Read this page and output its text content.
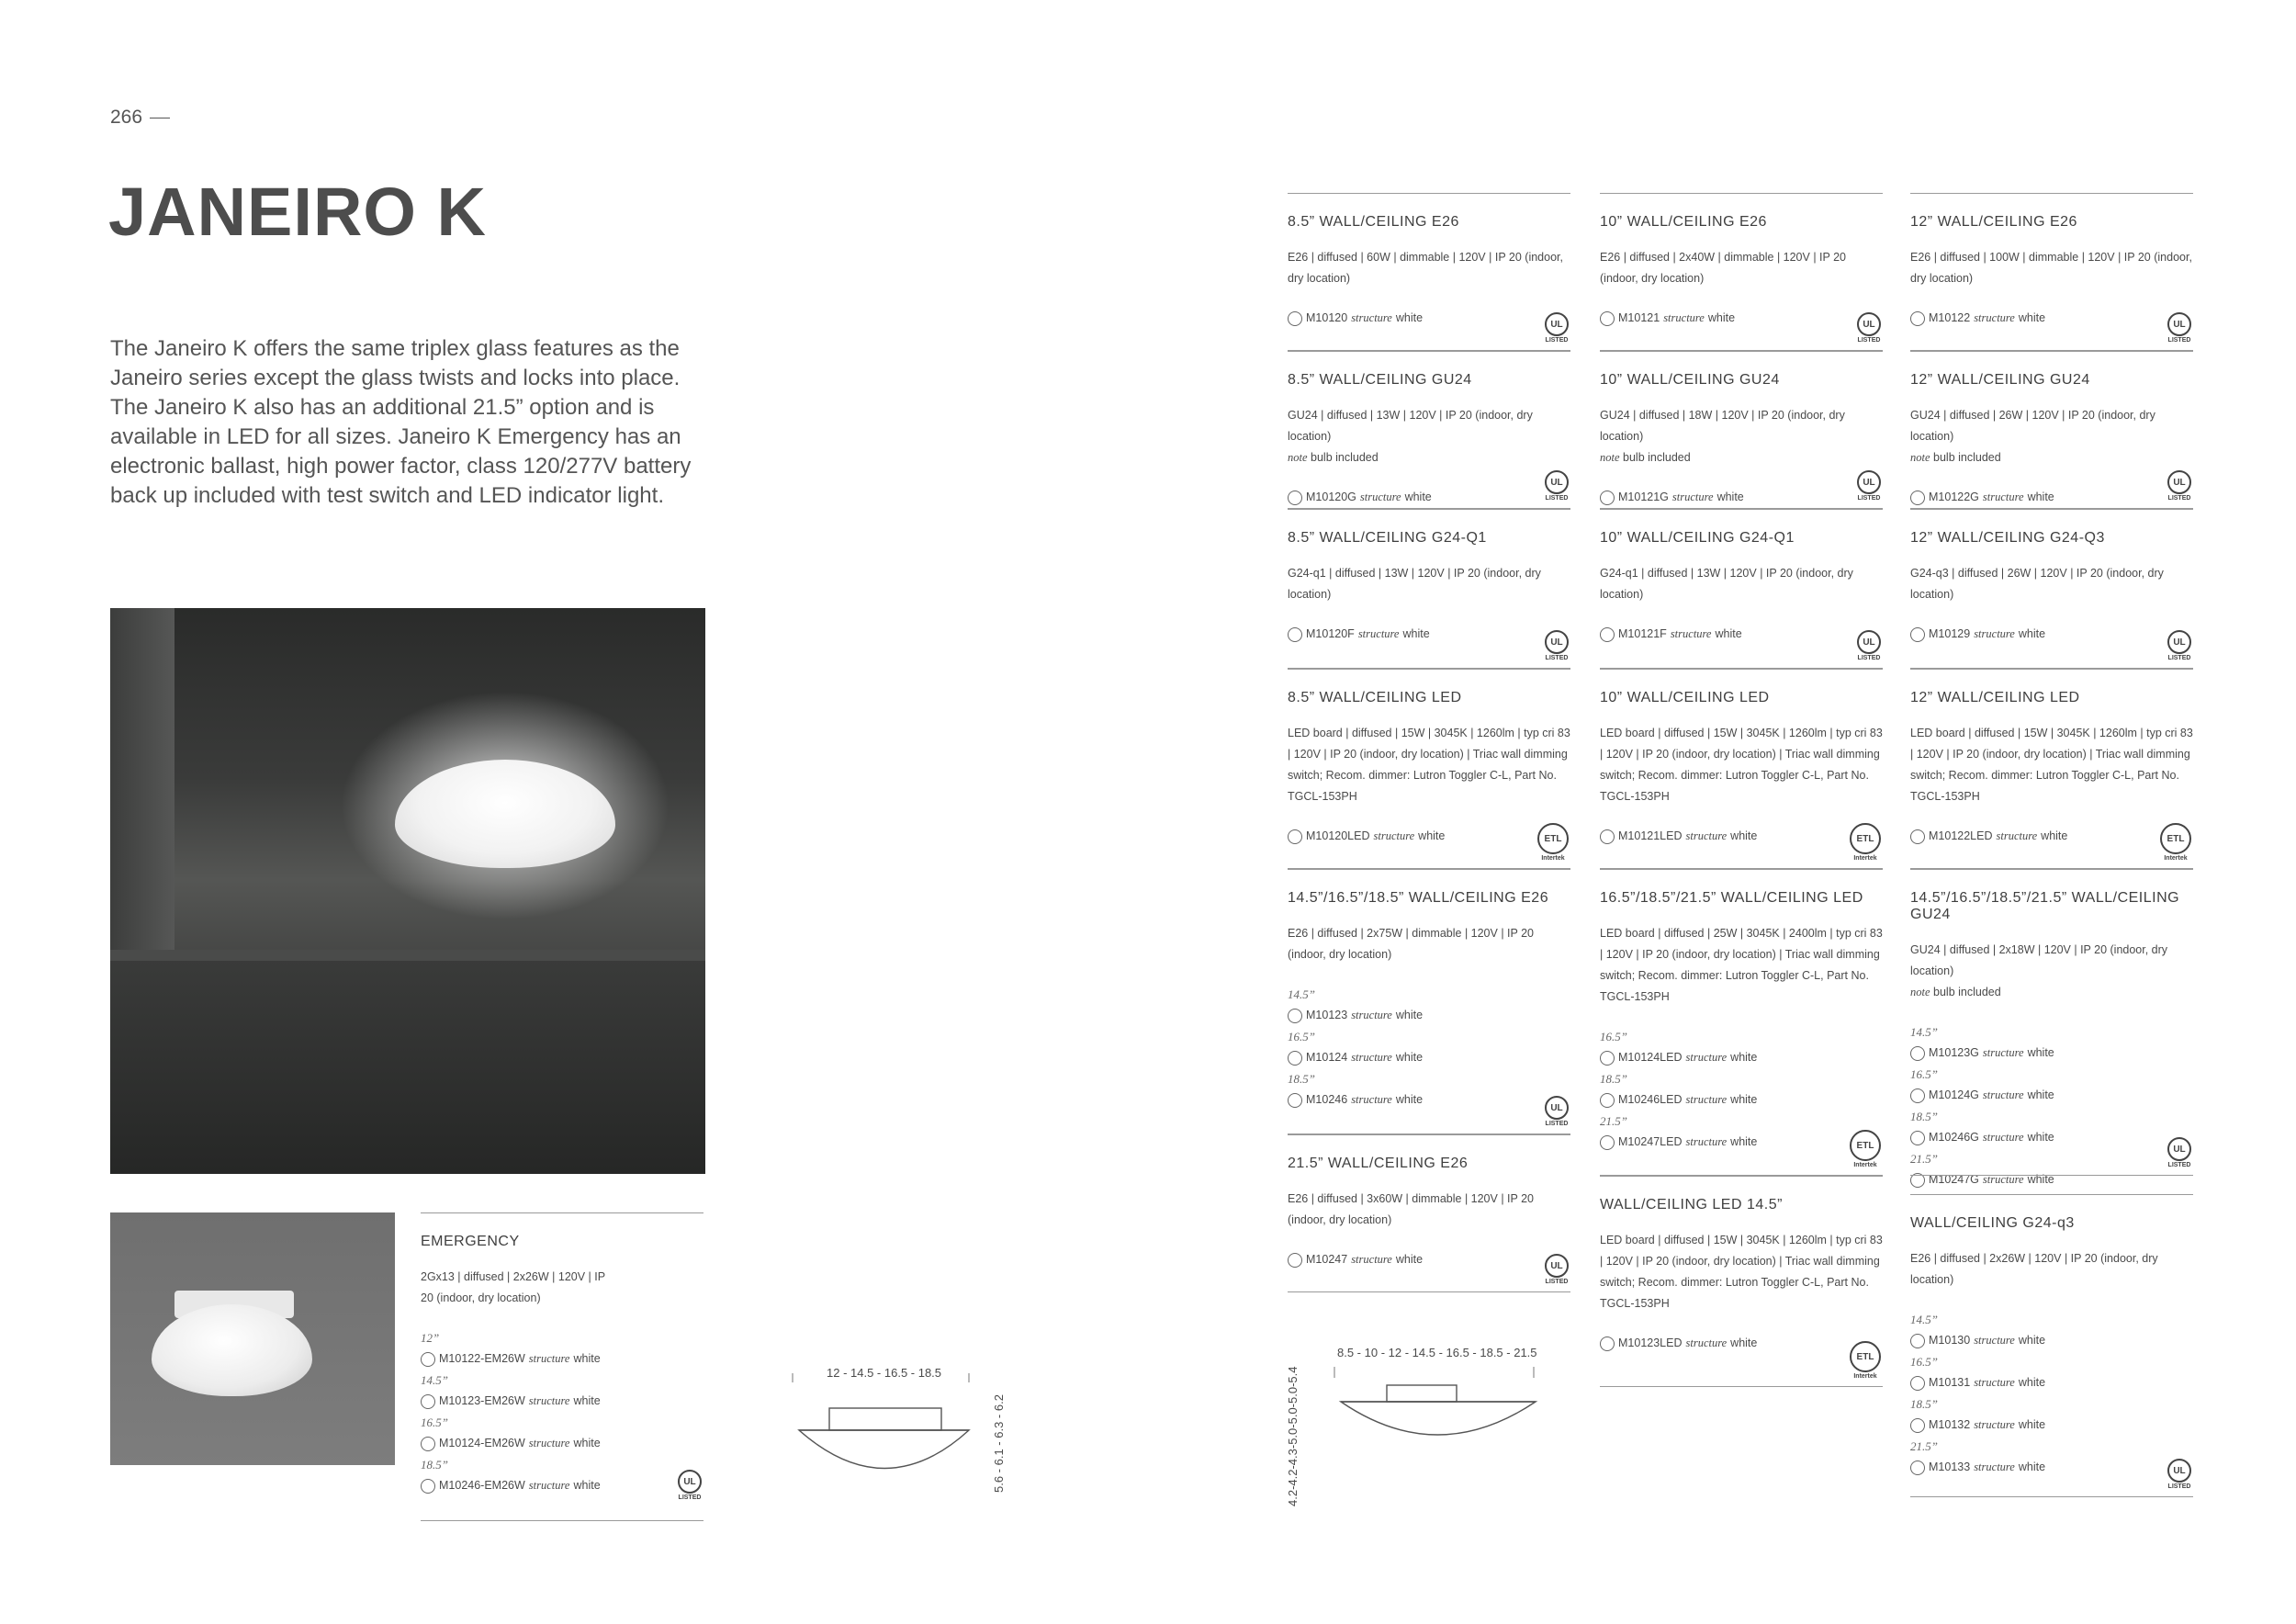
266
JANEIRO K

The Janeiro K offers the same triplex glass features as the Janeiro series except the glass twists and locks into place.

The Janeiro K also has an additional 21.5” option and is available in LED for all sizes. Janeiro K Emergency has an electronic ballast, high power factor, class 120/277V battery back up included with test switch and LED indicator light.

EMERGENCY
2Gx13 | diffused | 2x26W | 120V | IP 20 (indoor, dry location)
12”
M10122-EM26W structure white
14.5”
M10123-EM26W structure white
16.5”
M10124-EM26W structure white
18.5”
M10246-EM26W structure white	UL
LISTED
12 - 14.5 - 16.5 - 18.5
5.6 - 6.1 - 6.3 - 6.2
8.5 - 10 - 12 - 14.5 - 16.5 - 18.5 - 21.5
4.2-4.2-4.3-5.0-5.0-5.0-5.4
8.5” WALL/CEILING E26
E26 | diffused | 60W | dimmable | 120V | IP 20 (indoor, dry location)
M10120 structure white	UL
LISTED
8.5” WALL/CEILING GU24
GU24 | diffused | 13W | 120V | IP 20 (indoor, dry location)
note bulb included
M10120G structure white
UL
LISTED
8.5” WALL/CEILING G24-Q1
G24-q1 | diffused | 13W | 120V | IP 20 (indoor, dry location)
M10120F structure white
UL
LISTED
8.5” WALL/CEILING LED
LED board | diffused | 15W | 3045K | 1260lm | typ cri 83 | 120V | IP 20 (indoor, dry location) | Triac wall dimming switch; Recom. dimmer: Lutron Toggler C-L, Part No. TGCL-153PH
M10120LED structure white	ETL
Intertek
14.5”/16.5”/18.5” WALL/CEILING E26
E26 | diffused | 2x75W | dimmable | 120V | IP 20 (indoor, dry location)
14.5”
M10123 structure white
16.5”
M10124 structure white
18.5”
M10246 structure white
UL
LISTED
21.5” WALL/CEILING E26
E26 | diffused | 3x60W | dimmable | 120V | IP 20 (indoor, dry location)
M10247 structure white	UL
LISTED
10” WALL/CEILING E26
E26 | diffused | 2x40W | dimmable | 120V | IP 20 (indoor, dry location)
M10121 structure white	UL
LISTED
10” WALL/CEILING GU24
GU24 | diffused | 18W | 120V | IP 20 (indoor, dry location)
note bulb included
M10121G structure white
UL
LISTED
10” WALL/CEILING G24-Q1
G24-q1 | diffused | 13W | 120V | IP 20 (indoor, dry location)
M10121F structure white
UL
LISTED
10” WALL/CEILING LED
LED board | diffused | 15W | 3045K | 1260lm | typ cri 83 | 120V | IP 20 (indoor, dry location) | Triac wall dimming switch; Recom. dimmer: Lutron Toggler C-L, Part No. TGCL-153PH
M10121LED structure white	ETL
Intertek
16.5”/18.5”/21.5” WALL/CEILING LED
LED board | diffused | 25W | 3045K | 2400lm | typ cri 83 | 120V | IP 20 (indoor, dry location) | Triac wall dimming switch; Recom. dimmer: Lutron Toggler C-L, Part No. TGCL-153PH
16.5”
M10124LED structure white
18.5”
M10246LED structure white
21.5”
M10247LED structure white	ETL
Intertek
WALL/CEILING LED 14.5”
LED board | diffused | 15W | 3045K | 1260lm | typ cri 83 | 120V | IP 20 (indoor, dry location) | Triac wall dimming switch; Recom. dimmer: Lutron Toggler C-L, Part No. TGCL-153PH
M10123LED structure white
ETL
Intertek
12” WALL/CEILING E26
E26 | diffused | 100W | dimmable | 120V | IP 20 (indoor, dry location)
M10122 structure white	UL
LISTED
12” WALL/CEILING GU24
GU24 | diffused | 26W | 120V | IP 20 (indoor, dry location)
note bulb included
M10122G structure white
UL
LISTED
12” WALL/CEILING G24-Q3
G24-q3 | diffused | 26W | 120V | IP 20 (indoor, dry location)
M10129 structure white
UL
LISTED
12” WALL/CEILING LED
LED board | diffused | 15W | 3045K | 1260lm | typ cri 83 | 120V | IP 20 (indoor, dry location) | Triac wall dimming switch; Recom. dimmer: Lutron Toggler C-L, Part No. TGCL-153PH
M10122LED structure white	ETL
Intertek
14.5”/16.5”/18.5”/21.5” WALL/CEILING GU24
GU24 | diffused | 2x18W | 120V | IP 20 (indoor, dry location)
note bulb included
14.5”
M10123G structure white
16.5”
M10124G structure white
18.5”
M10246G structure white
21.5”
M10247G structure white
UL
LISTED
WALL/CEILING G24-q3
E26 | diffused | 2x26W | 120V | IP 20 (indoor, dry location)
14.5”
M10130 structure white
16.5”
M10131 structure white
18.5”
M10132 structure white
21.5”
M10133 structure white	UL
LISTED
